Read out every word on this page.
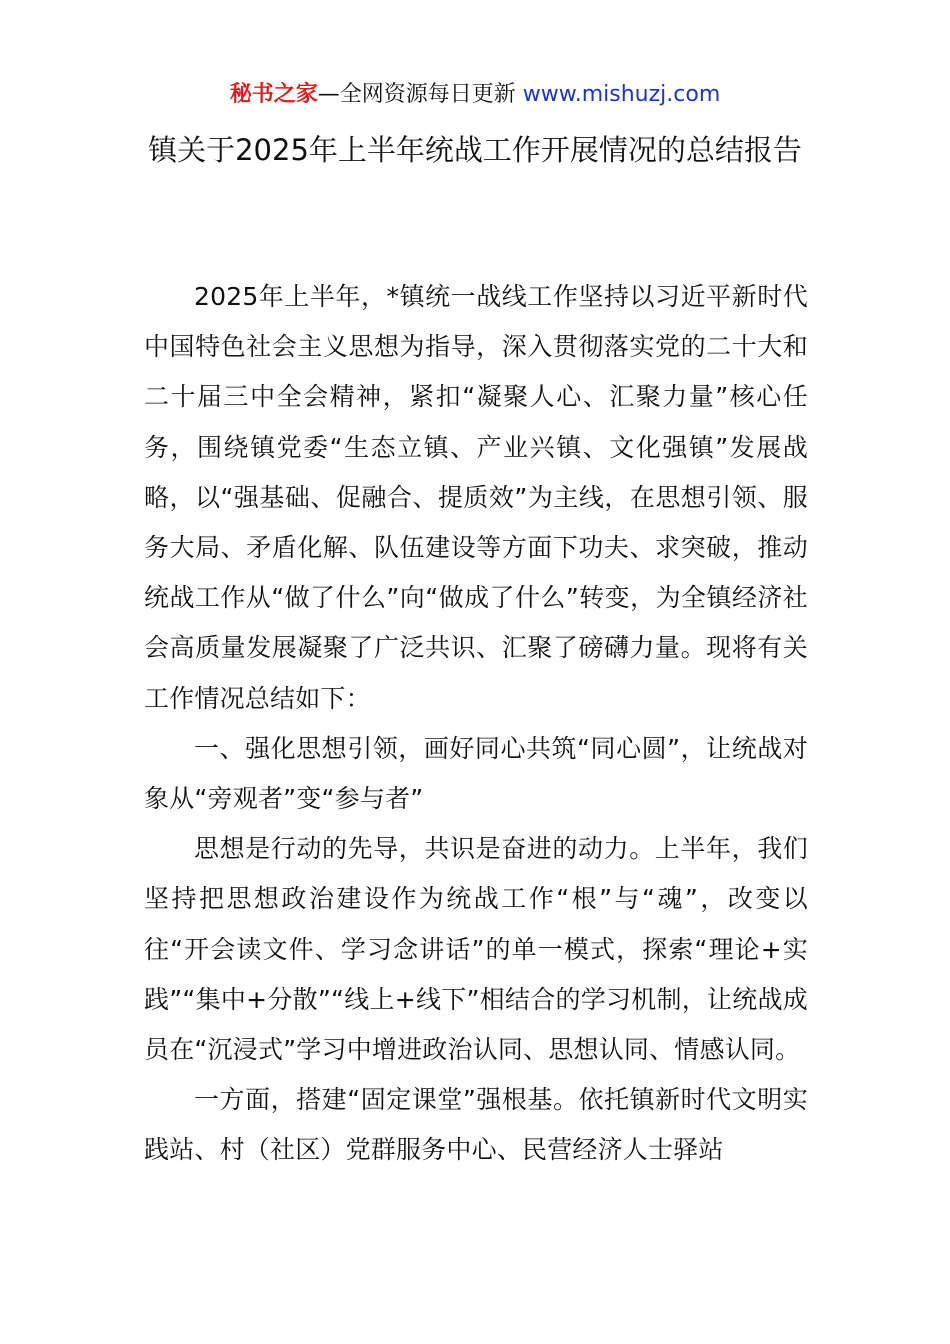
秘书之家—全网资源每日更新 www.mishuzj.com
镇关于2025年上半年统战工作开展情况的总结报告

2025年上半年，*镇统一战线工作坚持以习近平新时代中国特色社会主义思想为指导，深入贯彻落实党的二十大和二十届三中全会精神，紧扣“凝聚人心、汇聚力量”核心任务，围绕镇党委“生态立镇、产业兴镇、文化强镇”发展战略，以“强基础、促融合、提质效”为主线，在思想引领、服务大局、矛盾化解、队伍建设等方面下功夫、求突破，推动统战工作从“做了什么”向“做成了什么”转变，为全镇经济社会高质量发展凝聚了广泛共识、汇聚了磅礴力量。现将有关工作情况总结如下：

一、强化思想引领，画好同心共筑“同心圆”，让统战对象从“旁观者”变“参与者”

思想是行动的先导，共识是奋进的动力。上半年，我们坚持把思想政治建设作为统战工作“根”与“魂”，改变以往“开会读文件、学习念讲话”的单一模式，探索“理论+实践”“集中+分散”“线上+线下”相结合的学习机制，让统战成员在“沉浸式”学习中增进政治认同、思想认同、情感认同。

一方面，搭建“固定课堂”强根基。依托镇新时代文明实践站、村（社区）党群服务中心、民营经济人士驿站
